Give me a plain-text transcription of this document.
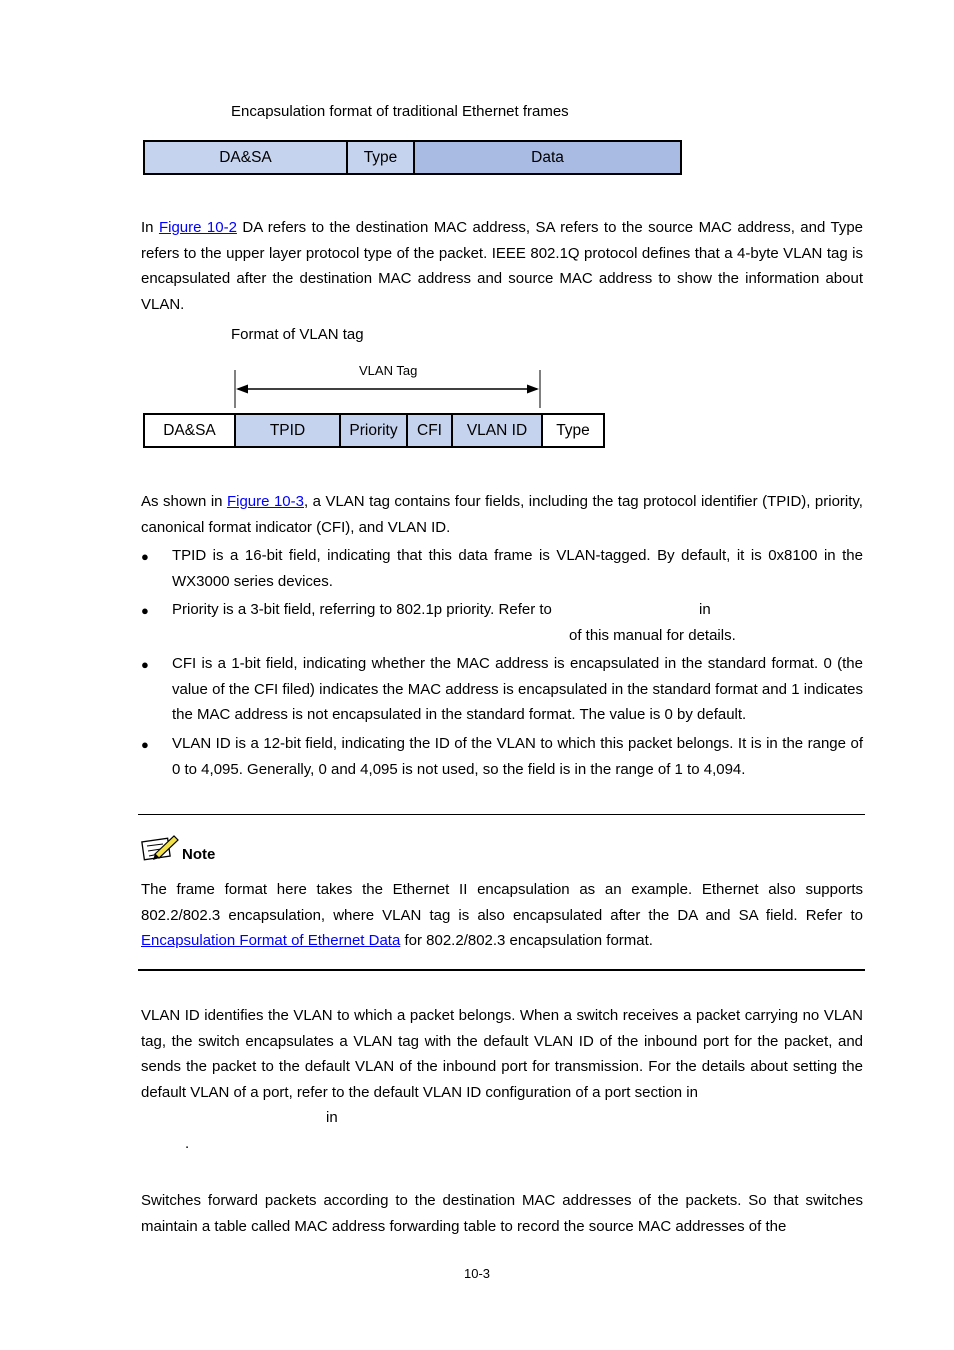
Encapsulation format of traditional Ethernet frames
DA&SA	Type	Data

In Figure 10-2 DA refers to the destination MAC address, SA refers to the source MAC address, and Type refers to the upper layer protocol type of the packet. IEEE 802.1Q protocol defines that a 4-byte VLAN tag is encapsulated after the destination MAC address and source MAC address to show the information about VLAN.

Format of VLAN tag
VLAN Tag
DA&SA	TPID	Priority	CFI	VLAN ID	Type

As shown in Figure 10-3, a VLAN tag contains four fields, including the tag protocol identifier (TPID), priority, canonical format indicator (CFI), and VLAN ID.

● TPID is a 16-bit field, indicating that this data frame is VLAN-tagged. By default, it is 0x8100 in the WX3000 series devices.

● Priority is a 3-bit field, referring to 802.1p priority. Refer to	in
of this manual for details.
● CFI is a 1-bit field, indicating whether the MAC address is encapsulated in the standard format. 0 (the value of the CFI filed) indicates the MAC address is encapsulated in the standard format and 1 indicates the MAC address is not encapsulated in the standard format. The value is 0 by default.

● VLAN ID is a 12-bit field, indicating the ID of the VLAN to which this packet belongs. It is in the range of 0 to 4,095. Generally, 0 and 4,095 is not used, so the field is in the range of 1 to 4,094.

Note

The frame format here takes the Ethernet II encapsulation as an example. Ethernet also supports 802.2/802.3 encapsulation, where VLAN tag is also encapsulated after the DA and SA field. Refer to Encapsulation Format of Ethernet Data for 802.2/802.3 encapsulation format.

VLAN ID identifies the VLAN to which a packet belongs. When a switch receives a packet carrying no VLAN tag, the switch encapsulates a VLAN tag with the default VLAN ID of the inbound port for the packet, and sends the packet to the default VLAN of the inbound port for transmission. For the details about setting the default VLAN of a port, refer to the default VLAN ID configuration of a port section in

in
.

Switches forward packets according to the destination MAC addresses of the packets. So that switches maintain a table called MAC address forwarding table to record the source MAC addresses of the

10-3
